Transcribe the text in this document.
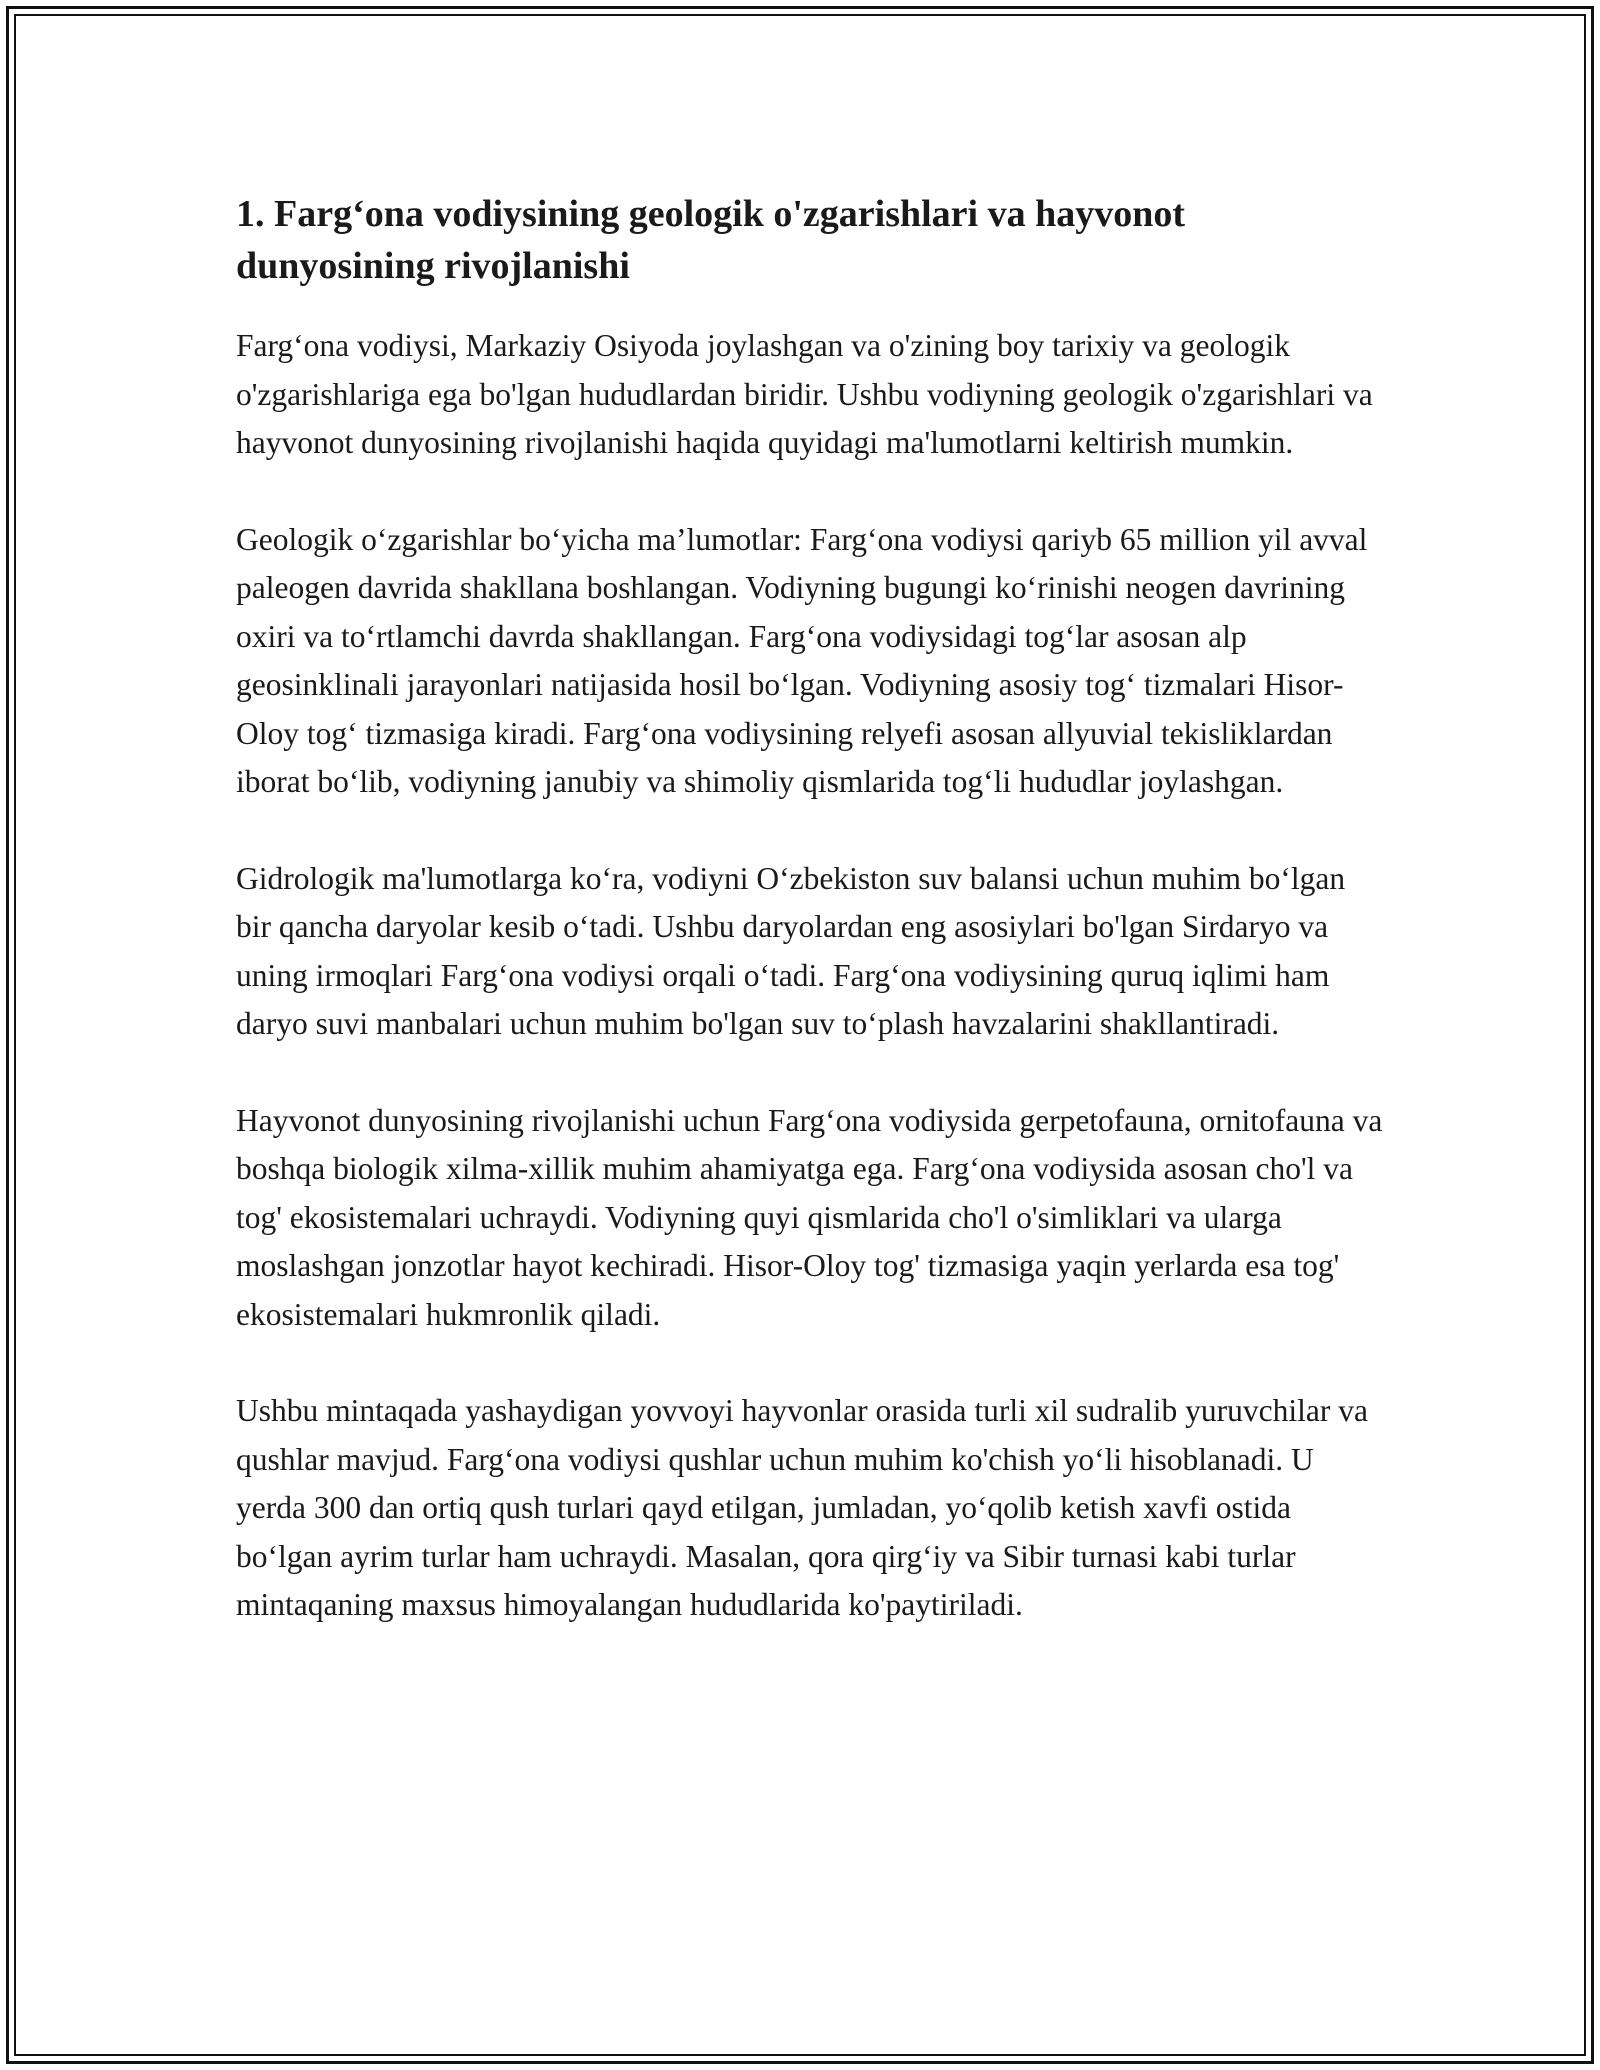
1. Farg‘ona vodiysining geologik o'zgarishlari va hayvonot dunyosining rivojlanishi

Farg‘ona vodiysi, Markaziy Osiyoda joylashgan va o'zining boy tarixiy va geologik o'zgarishlariga ega bo'lgan hududlardan biridir. Ushbu vodiyning geologik o'zgarishlari va hayvonot dunyosining rivojlanishi haqida quyidagi ma'lumotlarni keltirish mumkin.

Geologik o‘zgarishlar bo‘yicha ma’lumotlar: Farg‘ona vodiysi qariyb 65 million yil avval paleogen davrida shakllana boshlangan. Vodiyning bugungi ko‘rinishi neogen davrining oxiri va to‘rtlamchi davrda shakllangan. Farg‘ona vodiysidagi tog‘lar asosan alp geosinklinali jarayonlari natijasida hosil bo‘lgan. Vodiyning asosiy tog‘ tizmalari Hisor-Oloy tog‘ tizmasiga kiradi. Farg‘ona vodiysining relyefi asosan allyuvial tekisliklardan iborat bo‘lib, vodiyning janubiy va shimoliy qismlarida tog‘li hududlar joylashgan.

Gidrologik ma'lumotlarga ko‘ra, vodiyni O‘zbekiston suv balansi uchun muhim bo‘lgan bir qancha daryolar kesib o‘tadi. Ushbu daryolardan eng asosiylari bo'lgan Sirdaryo va uning irmoqlari Farg‘ona vodiysi orqali o‘tadi. Farg‘ona vodiysining quruq iqlimi ham daryo suvi manbalari uchun muhim bo'lgan suv to‘plash havzalarini shakllantiradi.

Hayvonot dunyosining rivojlanishi uchun Farg‘ona vodiysida gerpetofauna, ornitofauna va boshqa biologik xilma-xillik muhim ahamiyatga ega. Farg‘ona vodiysida asosan cho'l va tog' ekosistemalari uchraydi. Vodiyning quyi qismlarida cho'l o'simliklari va ularga moslashgan jonzotlar hayot kechiradi. Hisor-Oloy tog' tizmasiga yaqin yerlarda esa tog' ekosistemalari hukmronlik qiladi.

Ushbu mintaqada yashaydigan yovvoyi hayvonlar orasida turli xil sudralib yuruvchilar va qushlar mavjud. Farg‘ona vodiysi qushlar uchun muhim ko'chish yo‘li hisoblanadi. U yerda 300 dan ortiq qush turlari qayd etilgan, jumladan, yo‘qolib ketish xavfi ostida bo‘lgan ayrim turlar ham uchraydi. Masalan, qora qirg‘iy va Sibir turnasi kabi turlar mintaqaning maxsus himoyalangan hududlarida ko'paytiriladi.
